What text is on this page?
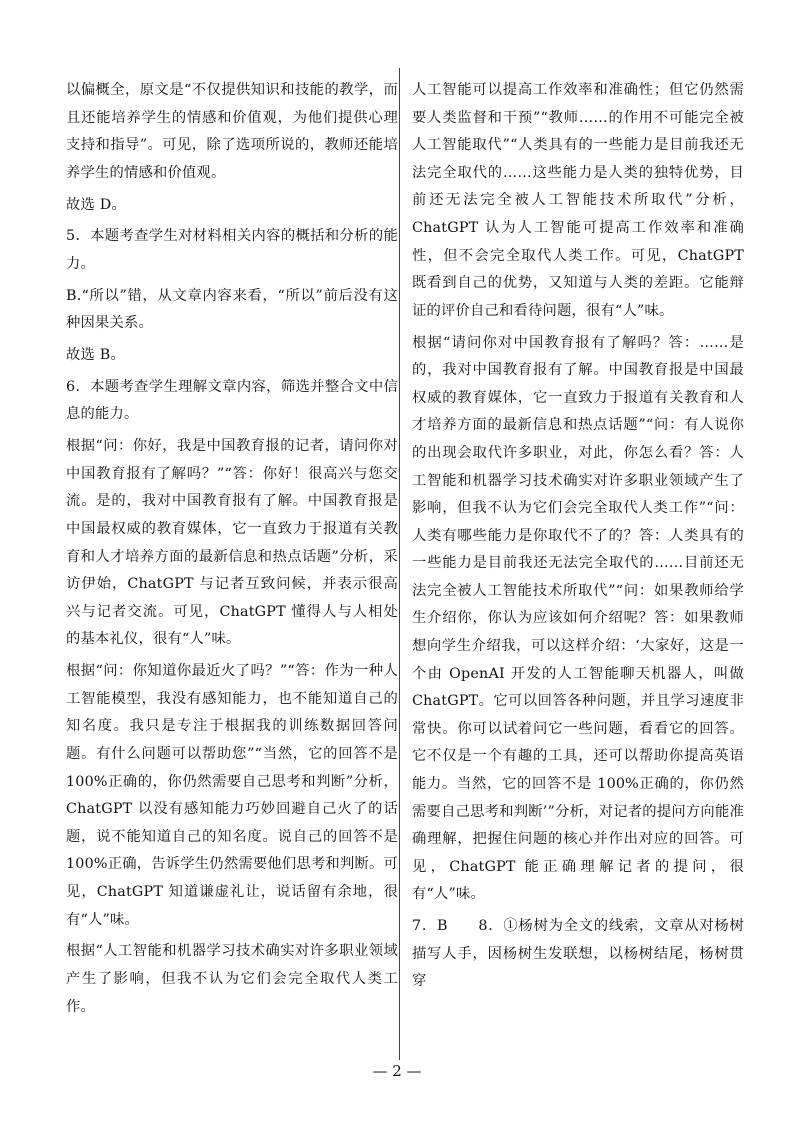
以偏概全，原文是“不仅提供知识和技能的教学，而且还能培养学生的情感和价值观，为他们提供心理支持和指导”。可见，除了选项所说的，教师还能培养学生的情感和价值观。

故选 D。

5．本题考查学生对材料相关内容的概括和分析的能力。

B.“所以”错，从文章内容来看，“所以”前后没有这种因果关系。

故选 B。

6．本题考查学生理解文章内容，筛选并整合文中信息的能力。

根据“问：你好，我是中国教育报的记者，请问你对中国教育报有了解吗？”“答：你好！很高兴与您交流。是的，我对中国教育报有了解。中国教育报是中国最权威的教育媒体，它一直致力于报道有关教育和人才培养方面的最新信息和热点话题”分析，采访伊始，ChatGPT 与记者互致问候，并表示很高兴与记者交流。可见，ChatGPT 懂得人与人相处的基本礼仪，很有“人”味。

根据“问：你知道你最近火了吗？”“答：作为一种人工智能模型，我没有感知能力，也不能知道自己的知名度。我只是专注于根据我的训练数据回答问题。有什么问题可以帮助您”“当然，它的回答不是 100%正确的，你仍然需要自己思考和判断”分析，ChatGPT 以没有感知能力巧妙回避自己火了的话题，说不能知道自己的知名度。说自己的回答不是 100%正确，告诉学生仍然需要他们思考和判断。可见，ChatGPT 知道谦虚礼让，说话留有余地，很有“人”味。

根据“人工智能和机器学习技术确实对许多职业领域产生了影响，但我不认为它们会完全取代人类工作。

人工智能可以提高工作效率和准确性；但它仍然需要人类监督和干预”“教师……的作用不可能完全被人工智能取代”“人类具有的一些能力是目前我还无法完全取代的……这些能力是人类的独特优势，目前还无法完全被人工智能技术所取代”分析，ChatGPT 认为人工智能可提高工作效率和准确性，但不会完全取代人类工作。可见，ChatGPT 既看到自己的优势，又知道与人类的差距。它能辩证的评价自己和看待问题，很有“人”味。

根据“请问你对中国教育报有了解吗？答：……是的，我对中国教育报有了解。中国教育报是中国最权威的教育媒体，它一直致力于报道有关教育和人才培养方面的最新信息和热点话题”“问：有人说你的出现会取代许多职业，对此，你怎么看？答：人工智能和机器学习技术确实对许多职业领域产生了影响，但我不认为它们会完全取代人类工作”“问：人类有哪些能力是你取代不了的？答：人类具有的一些能力是目前我还无法完全取代的……目前还无法完全被人工智能技术所取代”“问：如果教师给学生介绍你，你认为应该如何介绍呢？答：如果教师想向学生介绍我，可以这样介绍：‘大家好，这是一个由 OpenAI 开发的人工智能聊天机器人，叫做 ChatGPT。它可以回答各种问题，并且学习速度非常快。你可以试着问它一些问题，看看它的回答。它不仅是一个有趣的工具，还可以帮助你提高英语能力。当然，它的回答不是 100%正确的，你仍然需要自己思考和判断’”分析，对记者的提问方向能准确理解，把握住问题的核心并作出对应的回答。可见，ChatGPT 能正确理解记者的提问，很有“人”味。

7．B　　8．①杨树为全文的线索，文章从对杨树描写人手，因杨树生发联想，以杨树结尾，杨树贯穿

— 2 —
